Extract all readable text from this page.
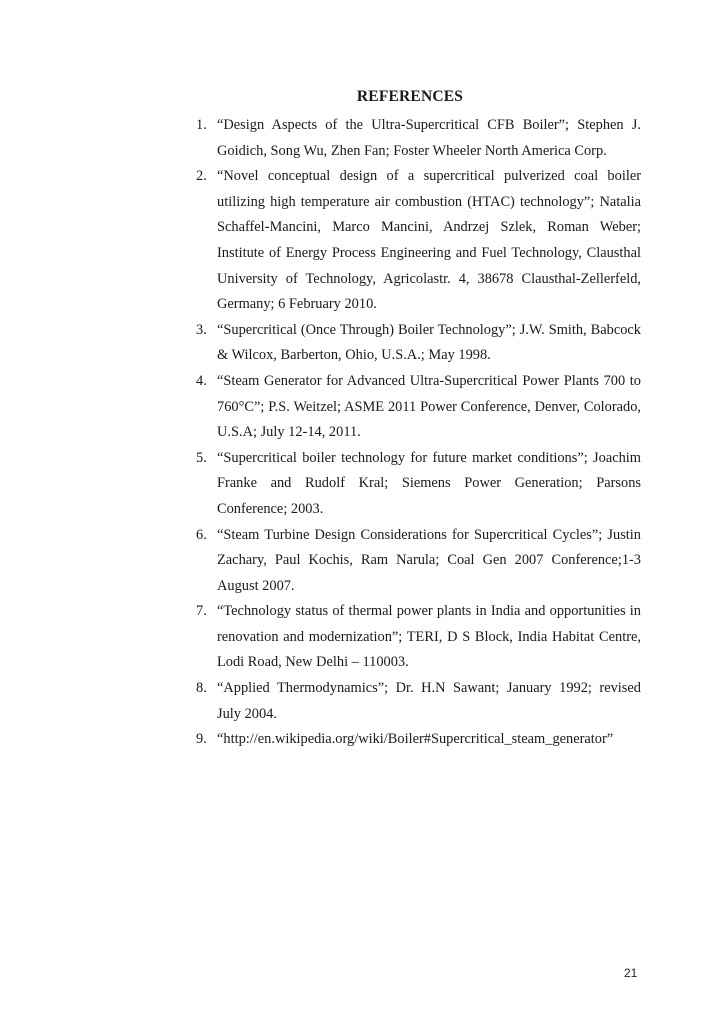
REFERENCES
1. “Design Aspects of the Ultra-Supercritical CFB Boiler”; Stephen J. Goidich, Song Wu, Zhen Fan; Foster Wheeler North America Corp.
2. “Novel conceptual design of a supercritical pulverized coal boiler utilizing high temperature air combustion (HTAC) technology”; Natalia Schaffel-Mancini, Marco Mancini, Andrzej Szlek, Roman Weber; Institute of Energy Process Engineering and Fuel Technology, Clausthal University of Technology, Agricolastr. 4, 38678 Clausthal-Zellerfeld, Germany; 6 February 2010.
3. “Supercritical (Once Through) Boiler Technology”; J.W. Smith, Babcock & Wilcox, Barberton, Ohio, U.S.A.; May 1998.
4. “Steam Generator for Advanced Ultra-Supercritical Power Plants 700 to 760°C”; P.S. Weitzel; ASME 2011 Power Conference, Denver, Colorado, U.S.A; July 12-14, 2011.
5. “Supercritical boiler technology for future market conditions”; Joachim Franke and Rudolf Kral; Siemens Power Generation; Parsons Conference; 2003.
6. “Steam Turbine Design Considerations for Supercritical Cycles”; Justin Zachary, Paul Kochis, Ram Narula; Coal Gen 2007 Conference;1-3 August 2007.
7. “Technology status of thermal power plants in India and opportunities in renovation and modernization”; TERI, D S Block, India Habitat Centre, Lodi Road, New Delhi – 110003.
8. “Applied Thermodynamics”; Dr. H.N Sawant; January 1992; revised July 2004.
9. “http://en.wikipedia.org/wiki/Boiler#Supercritical_steam_generator”
21
